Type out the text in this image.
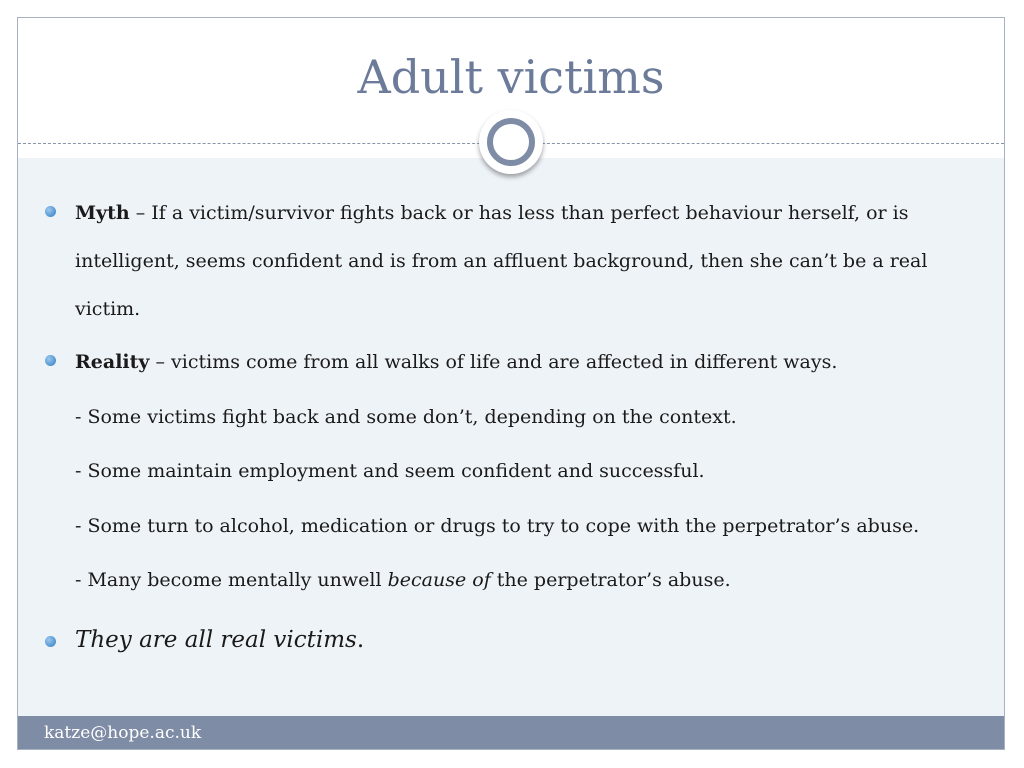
Adult victims
Myth – If a victim/survivor fights back or has less than perfect behaviour herself, or is
intelligent, seems confident and is from an affluent background, then she can’t be a real
victim.
Reality – victims come from all walks of life and are affected in different ways.
- Some victims fight back and some don’t, depending on the context.
- Some maintain employment and seem confident and successful.
- Some turn to alcohol, medication or drugs to try to cope with the perpetrator’s abuse.
- Many become mentally unwell because of the perpetrator’s abuse.
They are all real victims.
katze@hope.ac.uk
